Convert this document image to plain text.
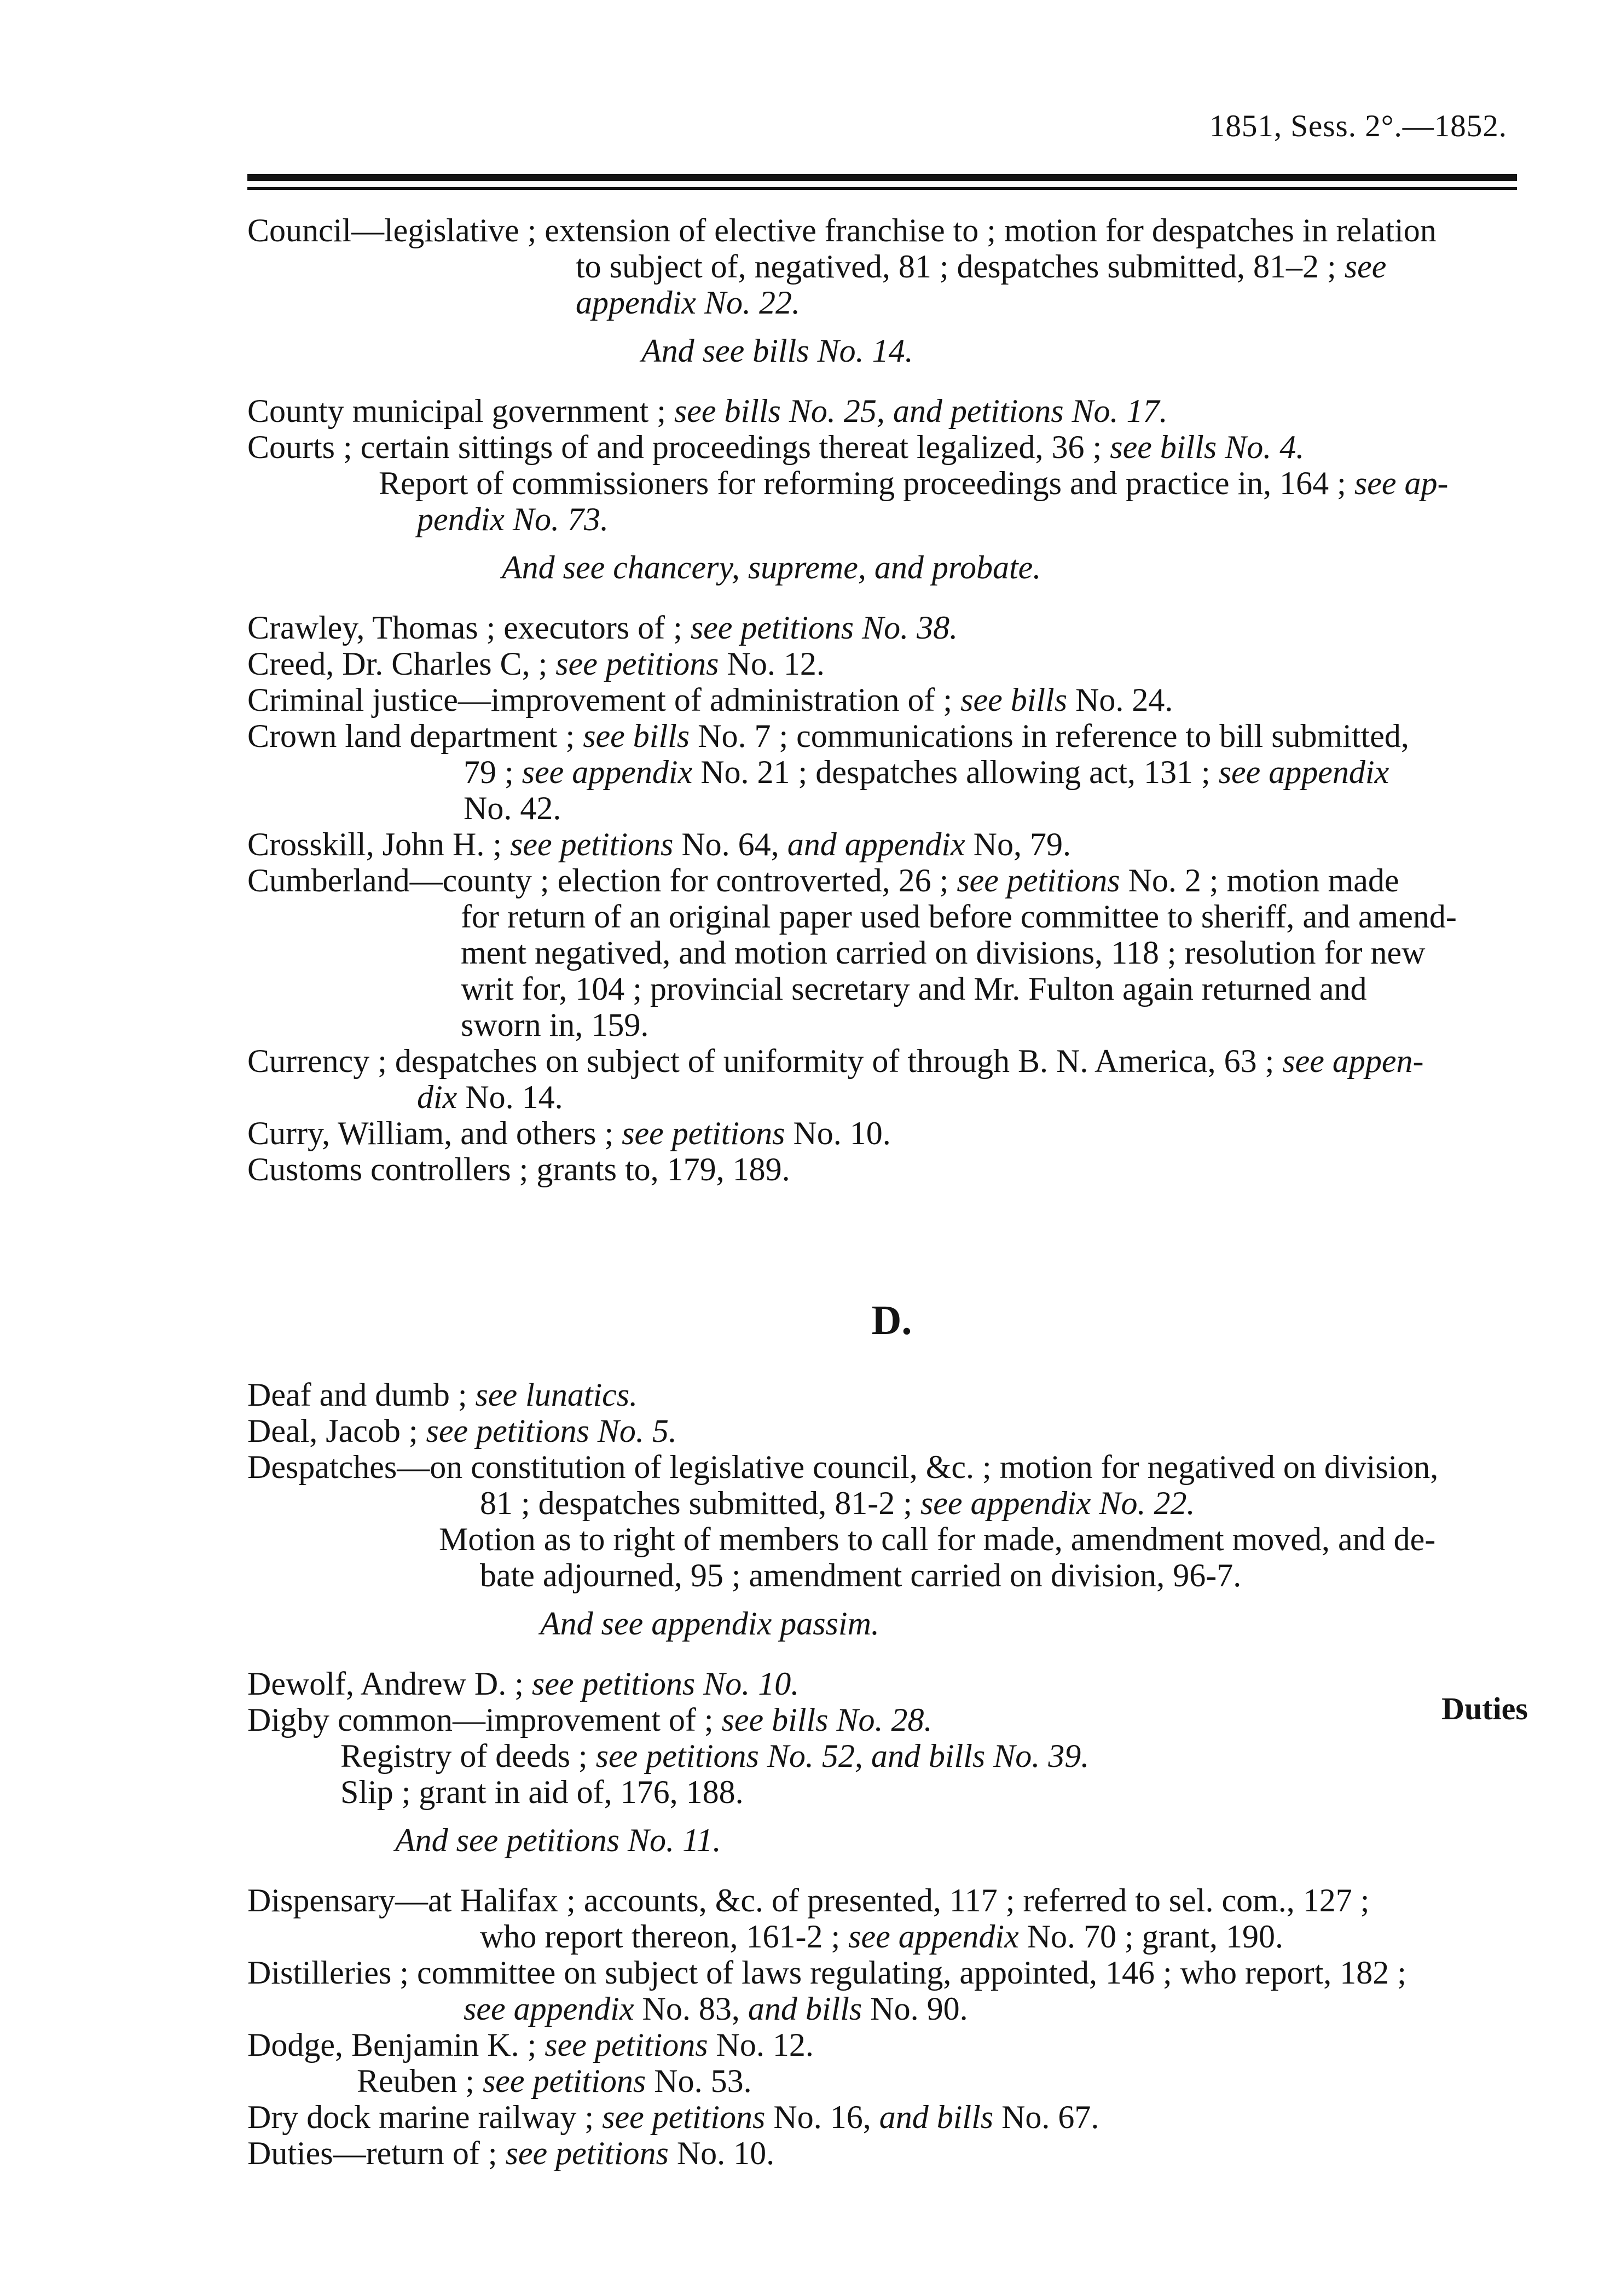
1851, Sess. 2°.—1852.
Council—legislative ; extension of elective franchise to ; motion for despatches in relation
to subject of, negatived, 81 ; despatches submitted, 81–2 ; see
appendix No. 22.
And see bills No. 14.
County municipal government ; see bills No. 25, and petitions No. 17.
Courts ; certain sittings of and proceedings thereat legalized, 36 ; see bills No. 4.
Report of commissioners for reforming proceedings and practice in, 164 ; see ap-
pendix No. 73.
And see chancery, supreme, and probate.
Crawley, Thomas ; executors of ; see petitions No. 38.
Creed, Dr. Charles C, ; see petitions No. 12.
Criminal justice—improvement of administration of ; see bills No. 24.
Crown land department ; see bills No. 7 ; communications in reference to bill submitted,
79 ; see appendix No. 21 ; despatches allowing act, 131 ; see appendix
No. 42.
Crosskill, John H. ; see petitions No. 64, and appendix No, 79.
Cumberland—county ; election for controverted, 26 ; see petitions No. 2 ; motion made
for return of an original paper used before committee to sheriff, and amend-
ment negatived, and motion carried on divisions, 118 ; resolution for new
writ for, 104 ; provincial secretary and Mr. Fulton again returned and
sworn in, 159.
Currency ; despatches on subject of uniformity of through B. N. America, 63 ; see appen-
dix No. 14.
Curry, William, and others ; see petitions No. 10.
Customs controllers ; grants to, 179, 189.
D.
Deaf and dumb ; see lunatics.
Deal, Jacob ; see petitions No. 5.
Despatches—on constitution of legislative council, &c. ; motion for negatived on division,
81 ; despatches submitted, 81-2 ; see appendix No. 22.
Motion as to right of members to call for made, amendment moved, and de-
bate adjourned, 95 ; amendment carried on division, 96-7.
And see appendix passim.
Dewolf, Andrew D. ; see petitions No. 10.
Digby common—improvement of ; see bills No. 28.
Registry of deeds ; see petitions No. 52, and bills No. 39.
Slip ; grant in aid of, 176, 188.
And see petitions No. 11.
Dispensary—at Halifax ; accounts, &c. of presented, 117 ; referred to sel. com., 127 ;
who report thereon, 161-2 ; see appendix No. 70 ; grant, 190.
Distilleries ; committee on subject of laws regulating, appointed, 146 ; who report, 182 ;
see appendix No. 83, and bills No. 90.
Dodge, Benjamin K. ; see petitions No. 12.
Reuben ; see petitions No. 53.
Dry dock marine railway ; see petitions No. 16, and bills No. 67.
Duties—return of ; see petitions No. 10.
Duties
